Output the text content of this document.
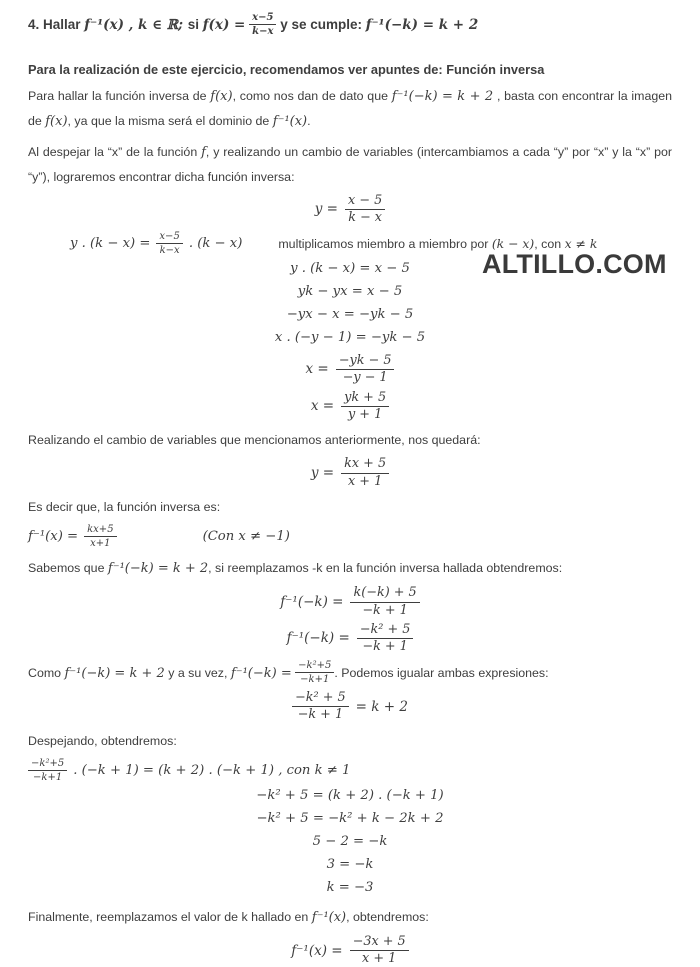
ALTILLO.COM
4. Hallar f⁻¹(x) , k ∈ ℝ; si $f(x) = \frac{x-5}{k-x}$ y se cumple: f⁻¹(−k) = k + 2
Para la realización de este ejercicio, recomendamos ver apuntes de: Función inversa
Para hallar la función inversa de f(x), como nos dan de dato que f⁻¹(−k) = k + 2 , basta con encontrar la imagen de f(x), ya que la misma será el dominio de f⁻¹(x).
Al despejar la “x” de la función f, y realizando un cambio de variables (intercambiamos a cada “y” por “x” y la “x” por “y”), lograremos encontrar dicha función inversa:
$y = \frac{x - 5}{k - x}$
y . $(k - x) = \frac{x-5}{k-x}$ . (k − x)	multiplicamos miembro a miembro por (k − x), con x ≠ k
y . (k − x) = x − 5
yk − yx = x − 5
−yx − x = −yk − 5
x . (−y − 1) = −yk − 5
$x = \frac{-yk - 5}{-y - 1}$
$x = \frac{yk + 5}{y + 1}$
Realizando el cambio de variables que mencionamos anteriormente, nos quedará:
$y = \frac{kx + 5}{x + 1}$
Es decir que, la función inversa es:
$f^{-1}(x) = \frac{kx+5}{x+1}$	(Con x ≠ −1)
Sabemos que f⁻¹(−k) = k + 2, si reemplazamos -k en la función inversa hallada obtendremos:
$f^{-1}(-k) = \frac{k(-k) + 5}{-k + 1}$
$f^{-1}(-k) = \frac{\text{−k² + 5}}{-k + 1}$
Como f⁻¹(−k) = k + 2 y a su vez, $f^{-1}(-k) = \frac{\text{−k²+5}}{-k+1}$ . Podemos igualar ambas expresiones:
$\frac{\text{−k² + 5}}{-k + 1} = k + 2$
Despejando, obtendremos:
$\frac{\text{−k²+5}}{-k+1}$ . (−k + 1) = (k + 2) . (−k + 1) , con k ≠ 1
−k² + 5 = (k + 2) . (−k + 1)
−k² + 5 = −k² + k − 2k + 2
5 − 2 = −k
3 = −k
k = −3
Finalmente, reemplazamos el valor de k hallado en f⁻¹(x), obtendremos:
$f^{-1}(x) = \frac{-3x + 5}{x + 1}$
